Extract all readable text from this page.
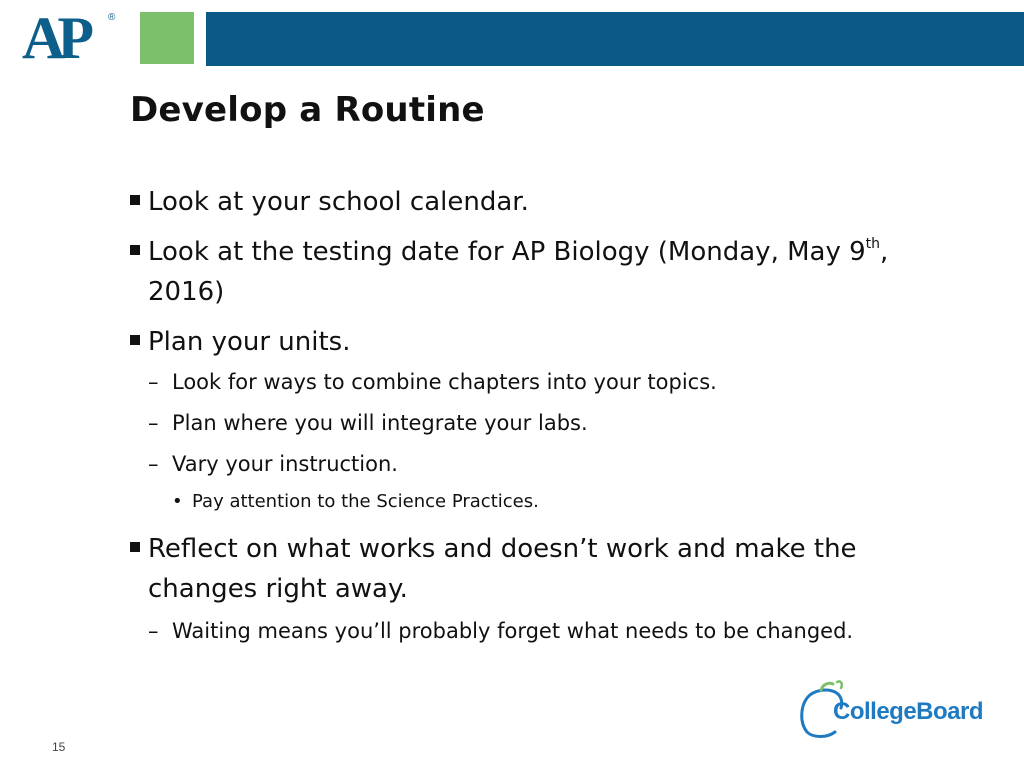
AP ®
Develop a Routine
Look at your school calendar.
Look at the testing date for AP Biology (Monday, May 9th, 2016)
Plan your units.
– Look for ways to combine chapters into your topics.
– Plan where you will integrate your labs.
– Vary your instruction.
• Pay attention to the Science Practices.
Reflect on what works and doesn’t work and make the changes right away.
– Waiting means you’ll probably forget what needs to be changed.
15
CollegeBoard
